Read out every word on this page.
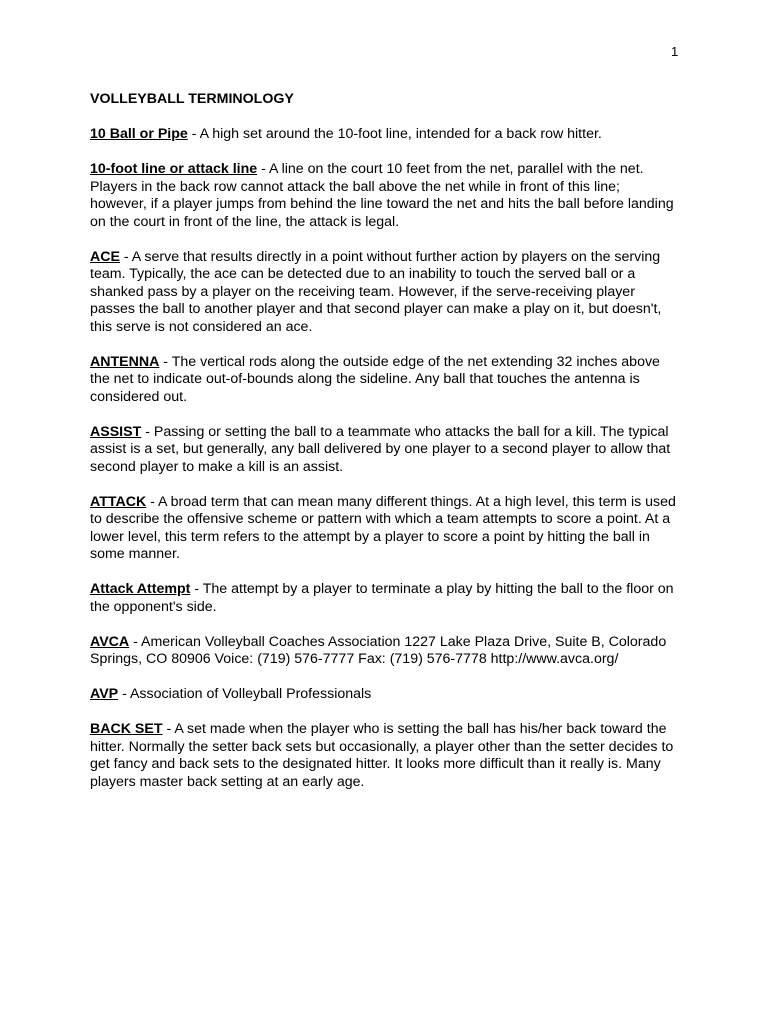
1

VOLLEYBALL TERMINOLOGY

10 Ball or Pipe - A high set around the 10-foot line, intended for a back row hitter.

10-foot line or attack line - A line on the court 10 feet from the net, parallel with the net. Players in the back row cannot attack the ball above the net while in front of this line; however, if a player jumps from behind the line toward the net and hits the ball before landing on the court in front of the line, the attack is legal.

ACE - A serve that results directly in a point without further action by players on the serving team. Typically, the ace can be detected due to an inability to touch the served ball or a shanked pass by a player on the receiving team. However, if the serve-receiving player passes the ball to another player and that second player can make a play on it, but doesn't, this serve is not considered an ace.

ANTENNA - The vertical rods along the outside edge of the net extending 32 inches above the net to indicate out-of-bounds along the sideline. Any ball that touches the antenna is considered out.

ASSIST - Passing or setting the ball to a teammate who attacks the ball for a kill. The typical assist is a set, but generally, any ball delivered by one player to a second player to allow that second player to make a kill is an assist.

ATTACK - A broad term that can mean many different things. At a high level, this term is used to describe the offensive scheme or pattern with which a team attempts to score a point. At a lower level, this term refers to the attempt by a player to score a point by hitting the ball in some manner.

Attack Attempt - The attempt by a player to terminate a play by hitting the ball to the floor on the opponent's side.

AVCA - American Volleyball Coaches Association 1227 Lake Plaza Drive, Suite B, Colorado Springs, CO 80906 Voice: (719) 576-7777 Fax: (719) 576-7778 http://www.avca.org/

AVP - Association of Volleyball Professionals

BACK SET - A set made when the player who is setting the ball has his/her back toward the hitter. Normally the setter back sets but occasionally, a player other than the setter decides to get fancy and back sets to the designated hitter. It looks more difficult than it really is. Many players master back setting at an early age.
